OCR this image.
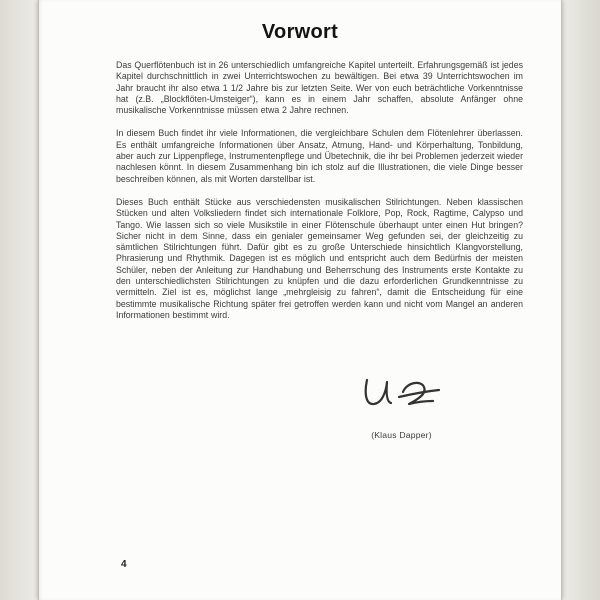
Vorwort

Das Querflötenbuch ist in 26 unterschiedlich umfangreiche Kapitel unterteilt. Erfahrungsgemäß ist jedes Kapitel durchschnittlich in zwei Unterrichtswochen zu bewältigen. Bei etwa 39 Unterrichtswochen im Jahr braucht ihr also etwa 1 1/2 Jahre bis zur letzten Seite. Wer von euch beträchtliche Vorkenntnisse hat (z.B. „Blockflöten-Umsteiger“), kann es in einem Jahr schaffen, absolute Anfänger ohne musikalische Vorkenntnisse müssen etwa 2 Jahre rechnen.

In diesem Buch findet ihr viele Informationen, die vergleichbare Schulen dem Flötenlehrer überlassen. Es enthält umfangreiche Informationen über Ansatz, Atmung, Hand- und Körperhaltung, Tonbildung, aber auch zur Lippenpflege, Instrumentenpflege und Übetechnik, die ihr bei Problemen jederzeit wieder nachlesen könnt. In diesem Zusammenhang bin ich stolz auf die Illustrationen, die viele Dinge besser beschreiben können, als mit Worten darstellbar ist.

Dieses Buch enthält Stücke aus verschiedensten musikalischen Stilrichtungen. Neben klassischen Stücken und alten Volksliedern findet sich internationale Folklore, Pop, Rock, Ragtime, Calypso und Tango. Wie lassen sich so viele Musikstile in einer Flötenschule überhaupt unter einen Hut bringen? Sicher nicht in dem Sinne, dass ein genialer gemeinsamer Weg gefunden sei, der gleichzeitig zu sämtlichen Stilrichtungen führt. Dafür gibt es zu große Unterschiede hinsichtlich Klangvorstellung, Phrasierung und Rhythmik. Dagegen ist es möglich und entspricht auch dem Bedürfnis der meisten Schüler, neben der Anleitung zur Handhabung und Beherrschung des Instruments erste Kontakte zu den unterschiedlichsten Stilrichtungen zu knüpfen und die dazu erforderlichen Grundkenntnisse zu vermitteln. Ziel ist es, möglichst lange „mehrgleisig zu fahren“, damit die Entscheidung für eine bestimmte musikalische Richtung später frei getroffen werden kann und nicht vom Mangel an anderen Informationen bestimmt wird.

(Klaus Dapper)
4
